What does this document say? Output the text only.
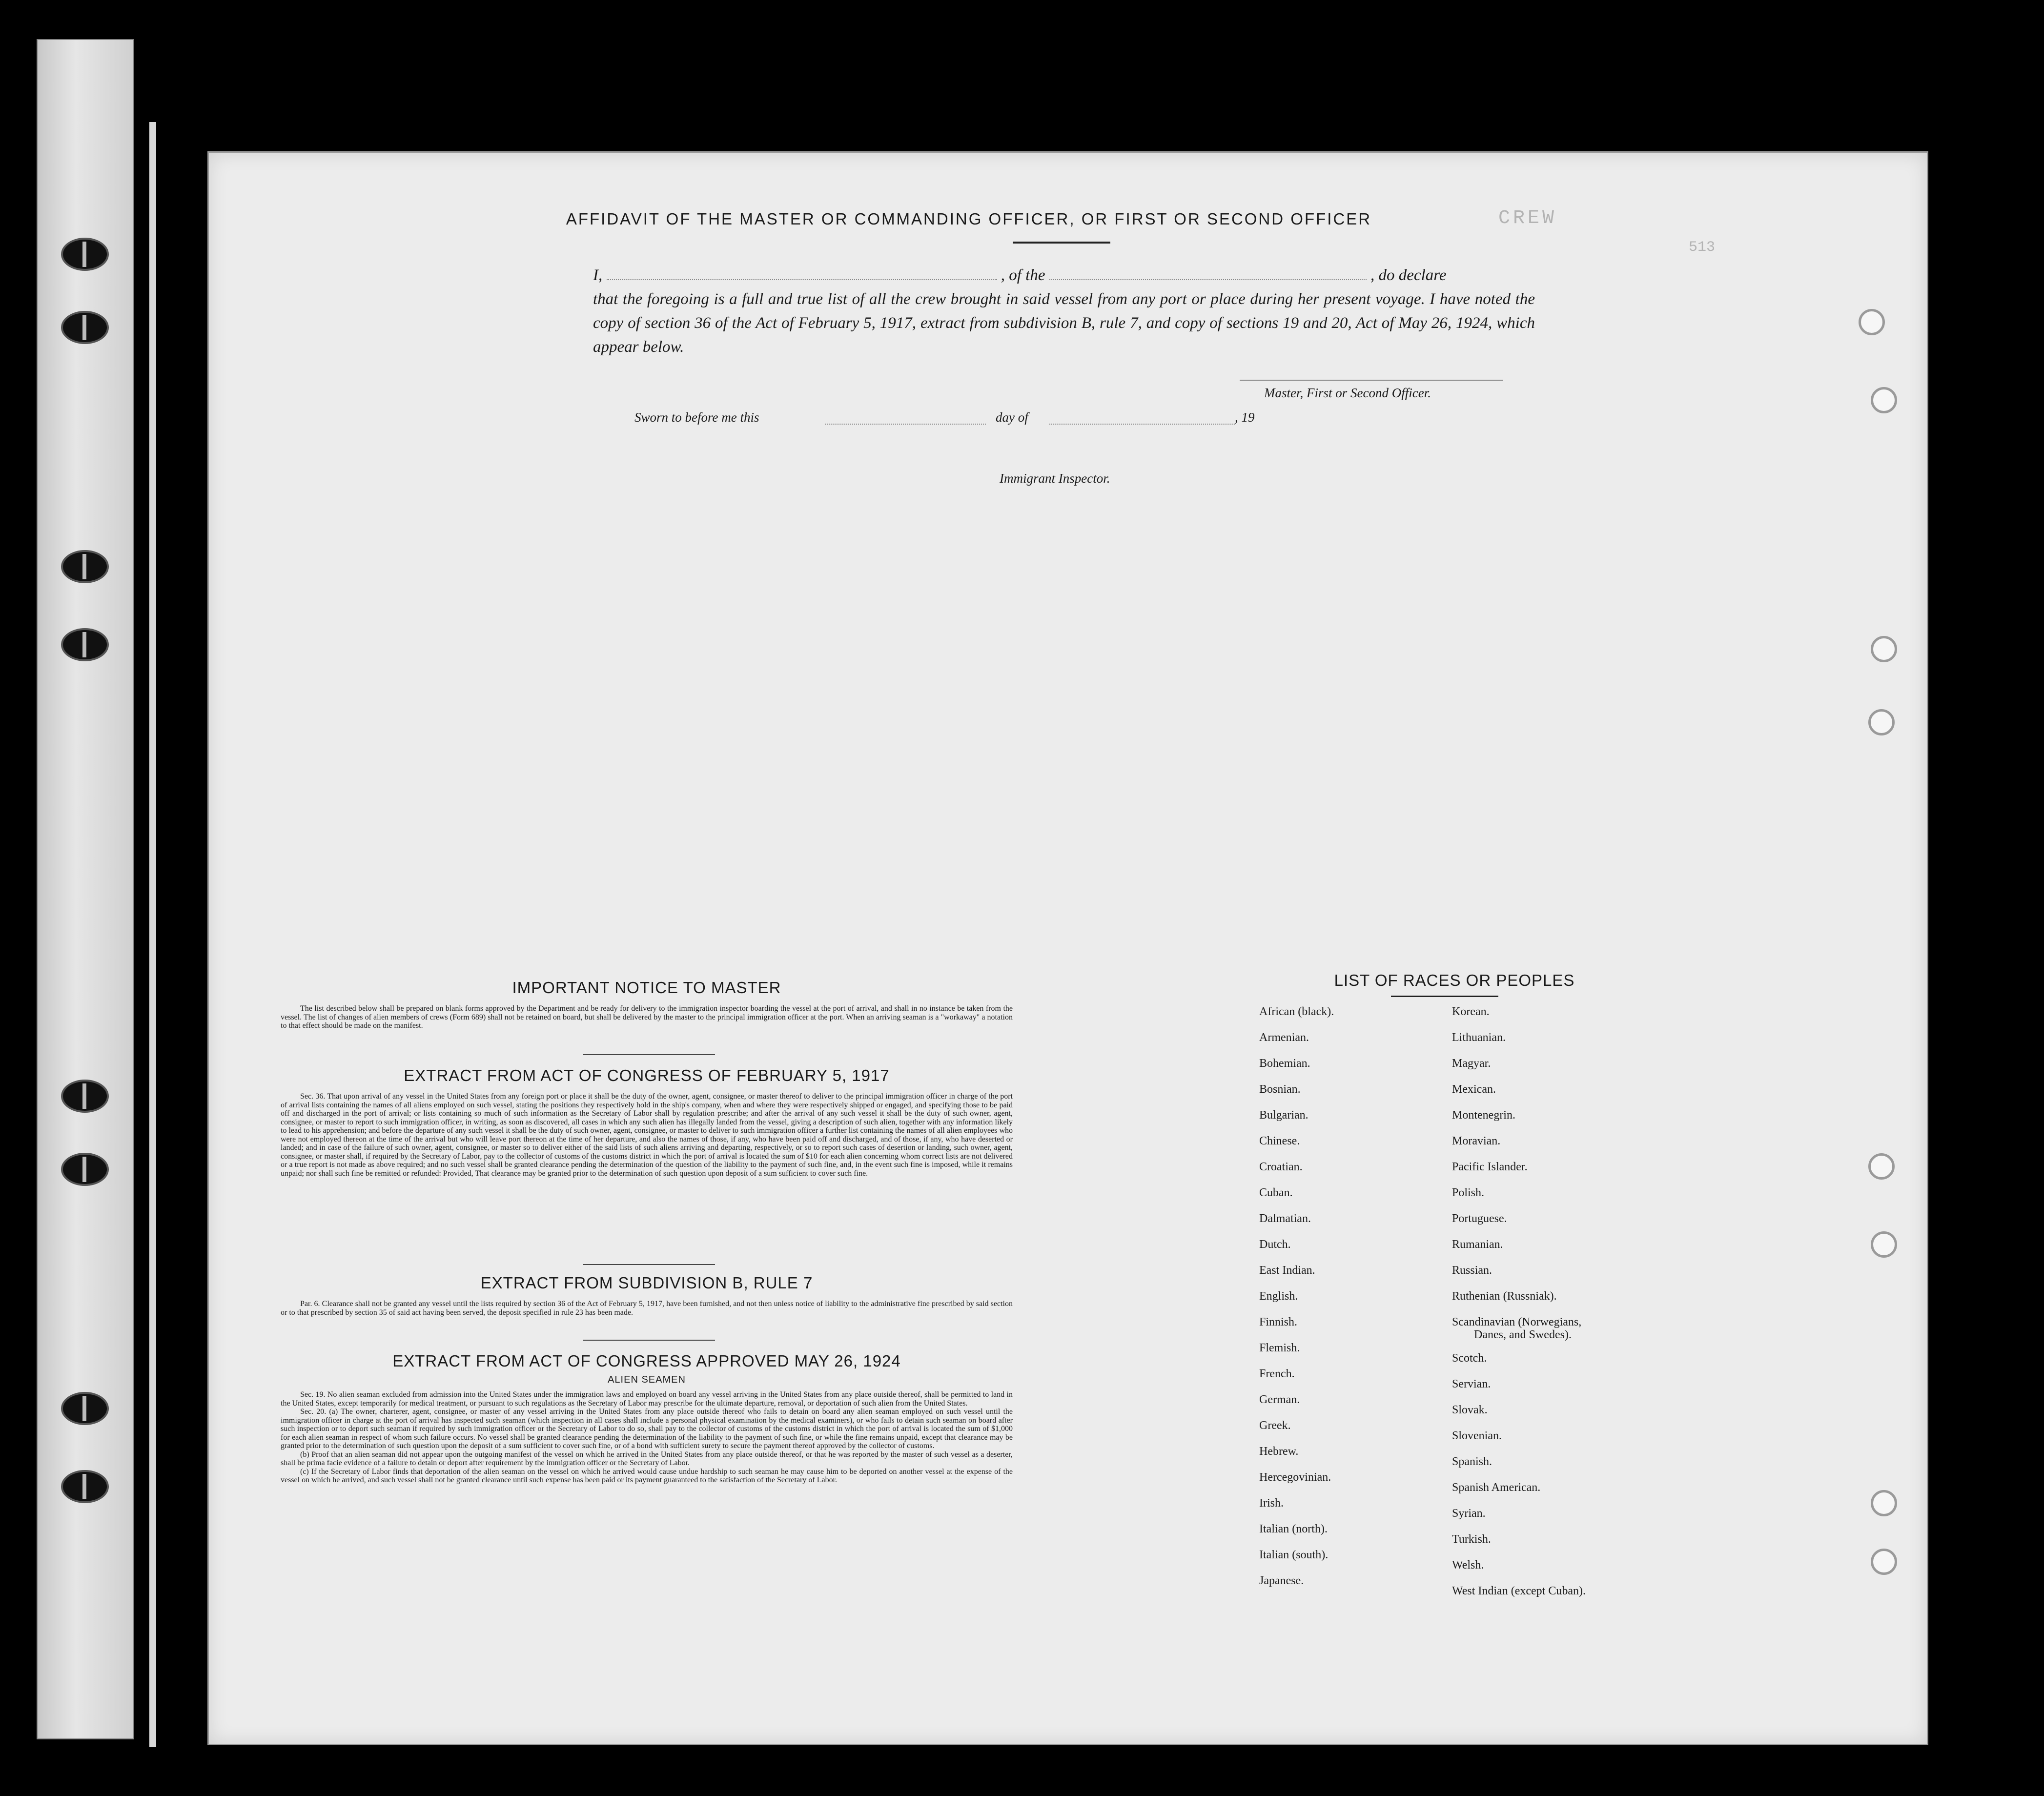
513
CREW
AFFIDAVIT OF THE MASTER OR COMMANDING OFFICER, OR FIRST OR SECOND OFFICER
I,	, of the	, do declare
that the foregoing is a full and true list of all the crew brought in said vessel from any port or place during her present voyage. I have noted the copy of section 36 of the Act of February 5, 1917, extract from subdivision B, rule 7, and copy of sections 19 and 20, Act of May 26, 1924, which appear below.
Master, First or Second Officer.
Sworn to before me this	day of	, 19
Immigrant Inspector.
IMPORTANT NOTICE TO MASTER

The list described below shall be prepared on blank forms approved by the Department and be ready for delivery to the immigration inspector boarding the vessel at the port of arrival, and shall in no instance be taken from the vessel. The list of changes of alien members of crews (Form 689) shall not be retained on board, but shall be delivered by the master to the principal immigration officer at the port. When an arriving seaman is a "workaway" a notation to that effect should be made on the manifest.

EXTRACT FROM ACT OF CONGRESS OF FEBRUARY 5, 1917

Sec. 36. That upon arrival of any vessel in the United States from any foreign port or place it shall be the duty of the owner, agent, consignee, or master thereof to deliver to the principal immigration officer in charge of the port of arrival lists containing the names of all aliens employed on such vessel, stating the positions they respectively hold in the ship's company, when and where they were respectively shipped or engaged, and specifying those to be paid off and discharged in the port of arrival; or lists containing so much of such information as the Secretary of Labor shall by regulation prescribe; and after the arrival of any such vessel it shall be the duty of such owner, agent, consignee, or master to report to such immigration officer, in writing, as soon as discovered, all cases in which any such alien has illegally landed from the vessel, giving a description of such alien, together with any information likely to lead to his apprehension; and before the departure of any such vessel it shall be the duty of such owner, agent, consignee, or master to deliver to such immigration officer a further list containing the names of all alien employees who were not employed thereon at the time of the arrival but who will leave port thereon at the time of her departure, and also the names of those, if any, who have been paid off and discharged, and of those, if any, who have deserted or landed; and in case of the failure of such owner, agent, consignee, or master so to deliver either of the said lists of such aliens arriving and departing, respectively, or so to report such cases of desertion or landing, such owner, agent, consignee, or master shall, if required by the Secretary of Labor, pay to the collector of customs of the customs district in which the port of arrival is located the sum of $10 for each alien concerning whom correct lists are not delivered or a true report is not made as above required; and no such vessel shall be granted clearance pending the determination of the question of the liability to the payment of such fine, and, in the event such fine is imposed, while it remains unpaid; nor shall such fine be remitted or refunded: Provided, That clearance may be granted prior to the determination of such question upon deposit of a sum sufficient to cover such fine.

EXTRACT FROM SUBDIVISION B, RULE 7

Par. 6. Clearance shall not be granted any vessel until the lists required by section 36 of the Act of February 5, 1917, have been furnished, and not then unless notice of liability to the administrative fine prescribed by said section or to that prescribed by section 35 of said act having been served, the deposit specified in rule 23 has been made.

EXTRACT FROM ACT OF CONGRESS APPROVED MAY 26, 1924
ALIEN SEAMEN

Sec. 19. No alien seaman excluded from admission into the United States under the immigration laws and employed on board any vessel arriving in the United States from any place outside thereof, shall be permitted to land in the United States, except temporarily for medical treatment, or pursuant to such regulations as the Secretary of Labor may prescribe for the ultimate departure, removal, or deportation of such alien from the United States.

Sec. 20. (a) The owner, charterer, agent, consignee, or master of any vessel arriving in the United States from any place outside thereof who fails to detain on board any alien seaman employed on such vessel until the immigration officer in charge at the port of arrival has inspected such seaman (which inspection in all cases shall include a personal physical examination by the medical examiners), or who fails to detain such seaman on board after such inspection or to deport such seaman if required by such immigration officer or the Secretary of Labor to do so, shall pay to the collector of customs of the customs district in which the port of arrival is located the sum of $1,000 for each alien seaman in respect of whom such failure occurs. No vessel shall be granted clearance pending the determination of the liability to the payment of such fine, or while the fine remains unpaid, except that clearance may be granted prior to the determination of such question upon the deposit of a sum sufficient to cover such fine, or of a bond with sufficient surety to secure the payment thereof approved by the collector of customs.

(b) Proof that an alien seaman did not appear upon the outgoing manifest of the vessel on which he arrived in the United States from any place outside thereof, or that he was reported by the master of such vessel as a deserter, shall be prima facie evidence of a failure to detain or deport after requirement by the immigration officer or the Secretary of Labor.

(c) If the Secretary of Labor finds that deportation of the alien seaman on the vessel on which he arrived would cause undue hardship to such seaman he may cause him to be deported on another vessel at the expense of the vessel on which he arrived, and such vessel shall not be granted clearance until such expense has been paid or its payment guaranteed to the satisfaction of the Secretary of Labor.

LIST OF RACES OR PEOPLES
African (black).
Armenian.
Bohemian.
Bosnian.
Bulgarian.
Chinese.
Croatian.
Cuban.
Dalmatian.
Dutch.
East Indian.
English.
Finnish.
Flemish.
French.
German.
Greek.
Hebrew.
Hercegovinian.
Irish.
Italian (north).
Italian (south).
Japanese.
Korean.
Lithuanian.
Magyar.
Mexican.
Montenegrin.
Moravian.
Pacific Islander.
Polish.
Portuguese.
Rumanian.
Russian.
Ruthenian (Russniak).
Scandinavian (Norwegians,
Danes, and Swedes).
Scotch.
Servian.
Slovak.
Slovenian.
Spanish.
Spanish American.
Syrian.
Turkish.
Welsh.
West Indian (except Cuban).
